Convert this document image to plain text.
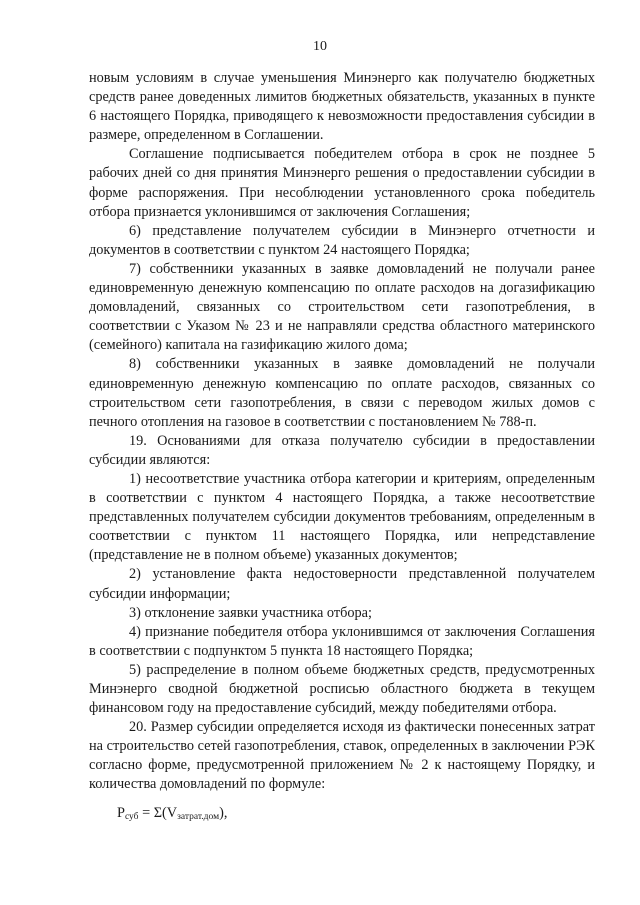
10

новым условиям в случае уменьшения Минэнерго как получателю бюджетных средств ранее доведенных лимитов бюджетных обязательств, указанных в пункте 6 настоящего Порядка, приводящего к невозможности предоставления субсидии в размере, определенном в Соглашении.

Соглашение подписывается победителем отбора в срок не позднее 5 рабочих дней со дня принятия Минэнерго решения о предоставлении субсидии в форме распоряжения. При несоблюдении установленного срока победитель отбора признается уклонившимся от заключения Соглашения;

6) представление получателем субсидии в Минэнерго отчетности и документов в соответствии с пунктом 24 настоящего Порядка;

7) собственники указанных в заявке домовладений не получали ранее единовременную денежную компенсацию по оплате расходов на догазификацию домовладений, связанных со строительством сети газопотребления, в соответствии с Указом № 23 и не направляли средства областного материнского (семейного) капитала на газификацию жилого дома;

8) собственники указанных в заявке домовладений не получали единовременную денежную компенсацию по оплате расходов, связанных со строительством сети газопотребления, в связи с переводом жилых домов с печного отопления на газовое в соответствии с постановлением № 788-п.

19. Основаниями для отказа получателю субсидии в предоставлении субсидии являются:

1) несоответствие участника отбора категории и критериям, определенным в соответствии с пунктом 4 настоящего Порядка, а также несоответствие представленных получателем субсидии документов требованиям, определенным в соответствии с пунктом 11 настоящего Порядка, или непредставление (представление не в полном объеме) указанных документов;

2) установление факта недостоверности представленной получателем субсидии информации;

3) отклонение заявки участника отбора;

4) признание победителя отбора уклонившимся от заключения Соглашения в соответствии с подпунктом 5 пункта 18 настоящего Порядка;

5) распределение в полном объеме бюджетных средств, предусмотренных Минэнерго сводной бюджетной росписью областного бюджета в текущем финансовом году на предоставление субсидий, между победителями отбора.

20. Размер субсидии определяется исходя из фактически понесенных затрат на строительство сетей газопотребления, ставок, определенных в заключении РЭК согласно форме, предусмотренной приложением № 2 к настоящему Порядку, и количества домовладений по формуле:

$P_{суб} = \Sigma(V_{затрат.дом})$,
